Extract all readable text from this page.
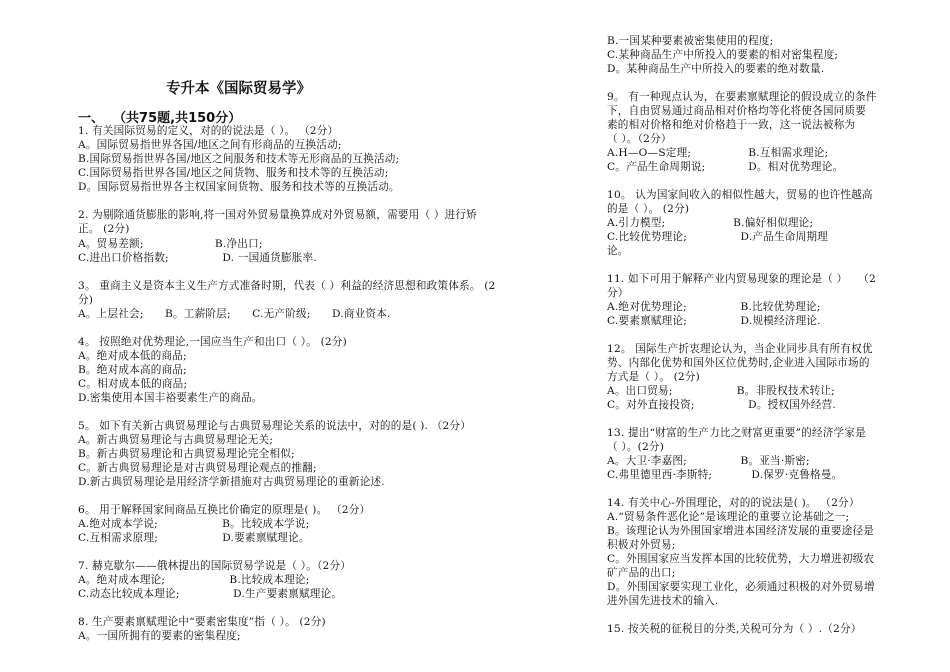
专升本《国际贸易学》
一、  （共75题,共150分）
1. 有关国际贸易的定义，对的的说法是（ ）。 （2分）
A。国际贸易指世界各国/地区之间有形商品的互换活动;
B.国际贸易指世界各国/地区之间服务和技术等无形商品的互换活动;
C.国际贸易指世界各国/地区之间货物、服务和技术等的互换活动;
D。国际贸易指世界各主权国家间货物、服务和技术等的互换活动。
2. 为剔除通货膨胀的影响,将一国对外贸易量换算成对外贸易额，需要用（ ）进行矫
正。 (2分)
A。贸易差额;                    B.净出口;
C.进出口价格指数;               D. 一国通货膨胀率.
3。 重商主义是资本主义生产方式准备时期，代表（ ）利益的经济思想和政策体系。 (2
分)
A。上层社会;      B。工薪阶层;      C.无产阶级;      D.商业资本.
4。 按照绝对优势理论,一国应当生产和出口（ ）。 (2分)
A。绝对成本低的商品;
B。绝对成本高的商品;
C。相对成本低的商品;
D.密集使用本国丰裕要素生产的商品。
5。 如下有关新古典贸易理论与古典贸易理论关系的说法中，对的的是( ). （2分）
A。新古典贸易理论与古典贸易理论无关;
B。新古典贸易理论和古典贸易理论完全相似;
C。新古典贸易理论是对古典贸易理论观点的推翻;
D.新古典贸易理论是用经济学新措施对古典贸易理论的重新论述.
6。 用于解释国家间商品互换比价确定的原理是( )。 （2分）
A.绝对成本学说;                  B。比较成本学说;
C.互相需求原理;                  D.要素禀赋理论。
7. 赫克歇尔——俄林提出的国际贸易学说是（ ）。（2分）
A。绝对成本理论;                  B.比较成本理论;
C.动态比较成本理论;               D.生产要素禀赋理论。
8. 生产要素禀赋理论中“要素密集度”指（ ）。 (2分)
A。一国所拥有的要素的密集程度;
B.一国某种要素被密集使用的程度;
C.某种商品生产中所投入的要素的相对密集程度;
D。某种商品生产中所投入的要素的绝对数量.
9。 有一种现点认为，在要素禀赋理论的假设成立的条件
下，自由贸易通过商品相对价格均等化将使各国同质要
素的相对价格和绝对价格趋于一致，这一说法被称为
（ ）。（2分）
A.H—O—S定理;                B.互相需求理论;
C。产品生命周期说;            D。相对优势理论。
10。 认为国家间收入的相似性越大，贸易的也许性越高
的是（ ）。 (2分)
A.引力模型;                   B.偏好相似理论;
C.比较优势理论;               D.产品生命周期理
论。
11. 如下可用于解释产业内贸易现象的理论是（ ）   （2
分）
A.绝对优势理论;               B.比较优势理论;
C.要素禀赋理论;               D.规模经济理论.
12。 国际生产折衷理论认为，当企业同步具有所有权优
势、内部化优势和国外区位优势时,企业进入国际市场的
方式是（ ）。 (2分)
A。出口贸易;                  B。非股权技术转让;
C。对外直接投资;               D。授权国外经营.
13. 提出“财富的生产力比之财富更重要”的经济学家是
（ ）。(2分)
A。大卫·李嘉图;               B。亚当·斯密;
C.弗里德里西·李斯特;           D.保罗·克鲁格曼。
14. 有关中心-外围理论，对的的说法是( )。 （2分）
A.“贸易条件恶化论”是该理论的重要立论基础之一;
B。该理论认为外围国家增进本国经济发展的重要途径是
积极对外贸易;
C。外围国家应当发挥本国的比较优势，大力增进初级农
矿产品的出口;
D。外围国家要实现工业化，必须通过积极的对外贸易增
进外国先进技术的输入.
15. 按关税的征税目的分类,关税可分为（ ）.（2分）
